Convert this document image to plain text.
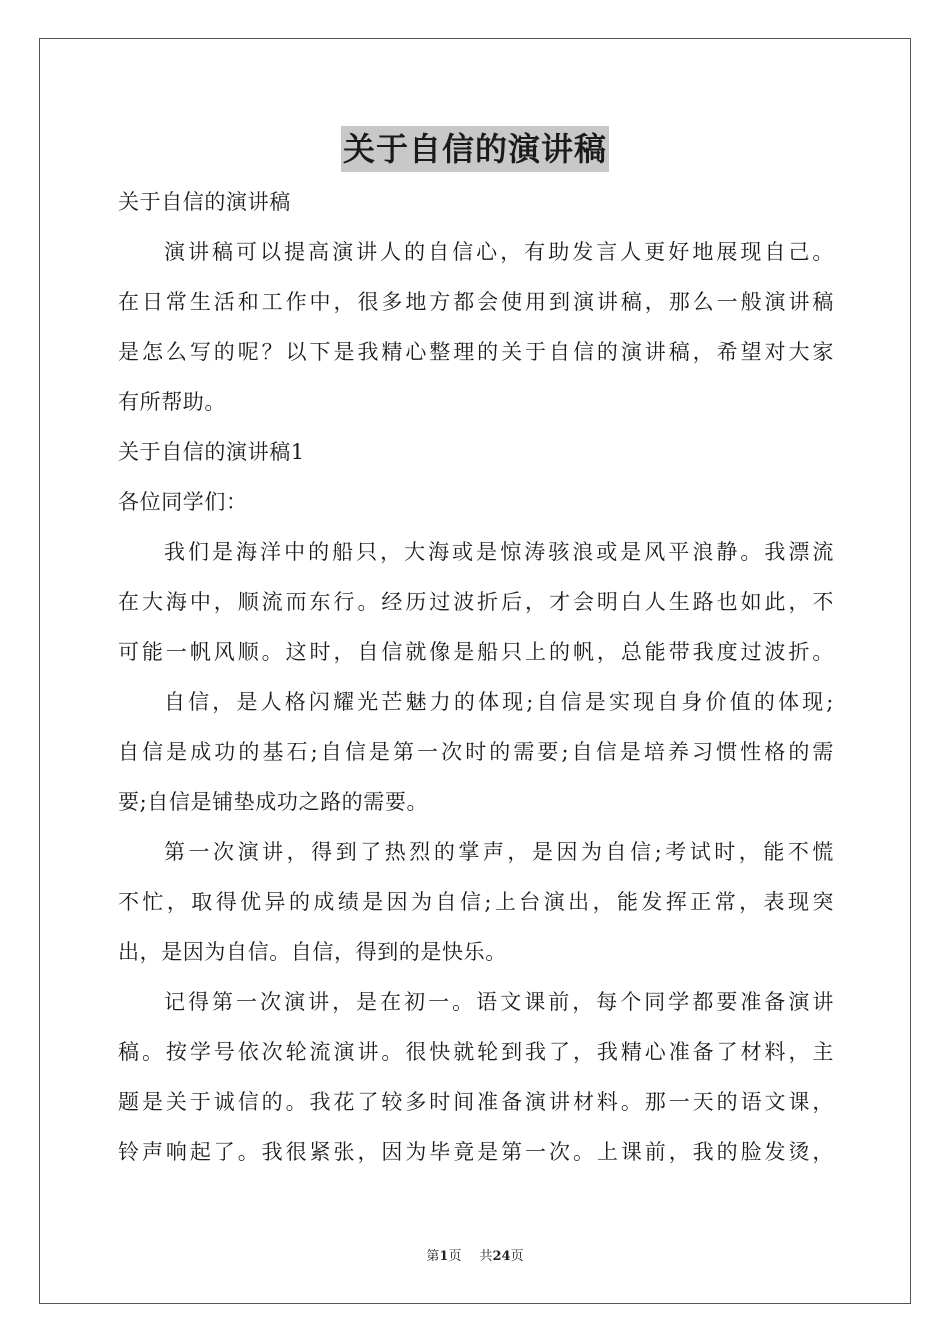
关于自信的演讲稿
关于自信的演讲稿
演讲稿可以提高演讲人的自信心，有助发言人更好地展现自己。
在日常生活和工作中，很多地方都会使用到演讲稿，那么一般演讲稿
是怎么写的呢？以下是我精心整理的关于自信的演讲稿，希望对大家
有所帮助。
关于自信的演讲稿1
各位同学们：
我们是海洋中的船只，大海或是惊涛骇浪或是风平浪静。我漂流
在大海中，顺流而东行。经历过波折后，才会明白人生路也如此，不
可能一帆风顺。这时，自信就像是船只上的帆，总能带我度过波折。
自信，是人格闪耀光芒魅力的体现;自信是实现自身价值的体现;
自信是成功的基石;自信是第一次时的需要;自信是培养习惯性格的需
要;自信是铺垫成功之路的需要。
第一次演讲，得到了热烈的掌声，是因为自信;考试时，能不慌
不忙，取得优异的成绩是因为自信;上台演出，能发挥正常，表现突
出，是因为自信。自信，得到的是快乐。
记得第一次演讲，是在初一。语文课前，每个同学都要准备演讲
稿。按学号依次轮流演讲。很快就轮到我了，我精心准备了材料，主
题是关于诚信的。我花了较多时间准备演讲材料。那一天的语文课，
铃声响起了。我很紧张，因为毕竟是第一次。上课前，我的脸发烫，
第1页 共24页
